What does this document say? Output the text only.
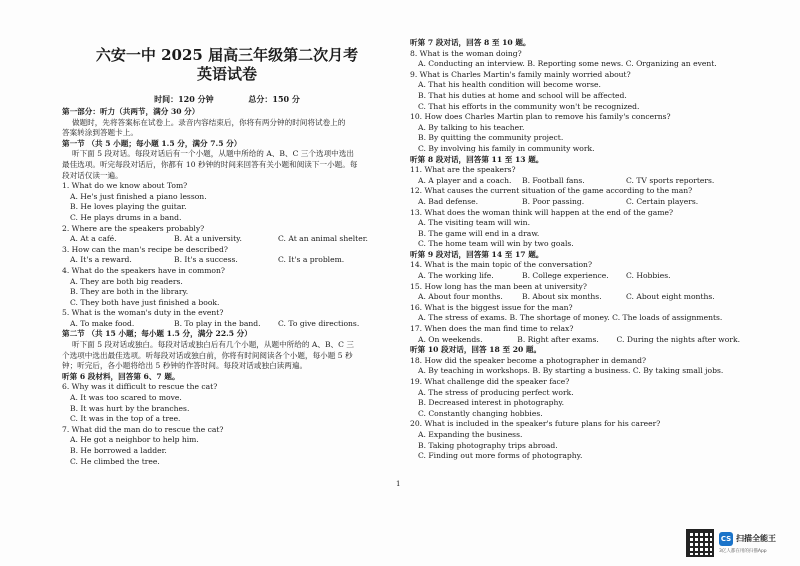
六安一中 2025 届高三年级第二次月考
英语试卷
时间：120 分钟	总分：150 分
第一部分：听力（共两节，满分 30 分）
做题时，先将答案标在试卷上。录音内容结束后，你将有两分钟的时间将试卷上的
答案转涂到答题卡上。
第一节 （共 5 小题；每小题 1.5 分，满分 7.5 分）
听下面 5 段对话。每段对话后有一个小题，从题中所给的 A、B、C 三个选项中选出
最佳选项。听完每段对话后，你都有 10 秒钟的时间来回答有关小题和阅读下一小题。每
段对话仅读一遍。
1. What do we know about Tom?
A. He's just finished a piano lesson.
B. He loves playing the guitar.
C. He plays drums in a band.
2. Where are the speakers probably?
A. At a café.	B. At a university.	C. At an animal shelter.
3. How can the man's recipe be described?
A. It's a reward.	B. It's a success.	C. It's a problem.
4. What do the speakers have in common?
A. They are both big readers.
B. They are both in the library.
C. They both have just finished a book.
5. What is the woman's duty in the event?
A. To make food.	B. To play in the band.	C. To give directions.
第二节 （共 15 小题；每小题 1.5 分，满分 22.5 分）
听下面 5 段对话或独白。每段对话或独白后有几个小题，从题中所给的 A、B、C 三
个选项中选出最佳选项。听每段对话或独白前，你将有时间阅读各个小题，每小题 5 秒
钟；听完后，各小题将给出 5 秒钟的作答时间。每段对话或独白读两遍。
听第 6 段材料，回答第 6、7 题。
6. Why was it difficult to rescue the cat?
A. It was too scared to move.
B. It was hurt by the branches.
C. It was in the top of a tree.
7. What did the man do to rescue the cat?
A. He got a neighbor to help him.
B. He borrowed a ladder.
C. He climbed the tree.
听第 7 段对话，回答 8 至 10 题。
8. What is the woman doing?
A. Conducting an interview. B. Reporting some news. C. Organizing an event.
9. What is Charles Martin's family mainly worried about?
A. That his health condition will become worse.
B. That his duties at home and school will be affected.
C. That his efforts in the community won't be recognized.
10. How does Charles Martin plan to remove his family's concerns?
A. By talking to his teacher.
B. By quitting the community project.
C. By involving his family in community work.
听第 8 段对话，回答第 11 至 13 题。
11. What are the speakers?
A. A player and a coach.	B. Football fans.	C. TV sports reporters.
12. What causes the current situation of the game according to the man?
A. Bad defense.	B. Poor passing.	C. Certain players.
13. What does the woman think will happen at the end of the game?
A. The visiting team will win.
B. The game will end in a draw.
C. The home team will win by two goals.
听第 9 段对话，回答第 14 至 17 题。
14. What is the main topic of the conversation?
A. The working life.	B. College experience.	C. Hobbies.
15. How long has the man been at university?
A. About four months.	B. About six months.	C. About eight months.
16. What is the biggest issue for the man?
A. The stress of exams. B. The shortage of money. C. The loads of assignments.
17. When does the man find time to relax?
A. On weekends.	B. Right after exams.	C. During the nights after work.
听第 10 段对话，回答 18 至 20 题。
18. How did the speaker become a photographer in demand?
A. By teaching in workshops. B. By starting a business. C. By taking small jobs.
19. What challenge did the speaker face?
A. The stress of producing perfect work.
B. Decreased interest in photography.
C. Constantly changing hobbies.
20. What is included in the speaker's future plans for his career?
A. Expanding the business.
B. Taking photography trips abroad.
C. Finding out more forms of photography.
1
CS 扫描全能王
3亿人都在用的扫描App
